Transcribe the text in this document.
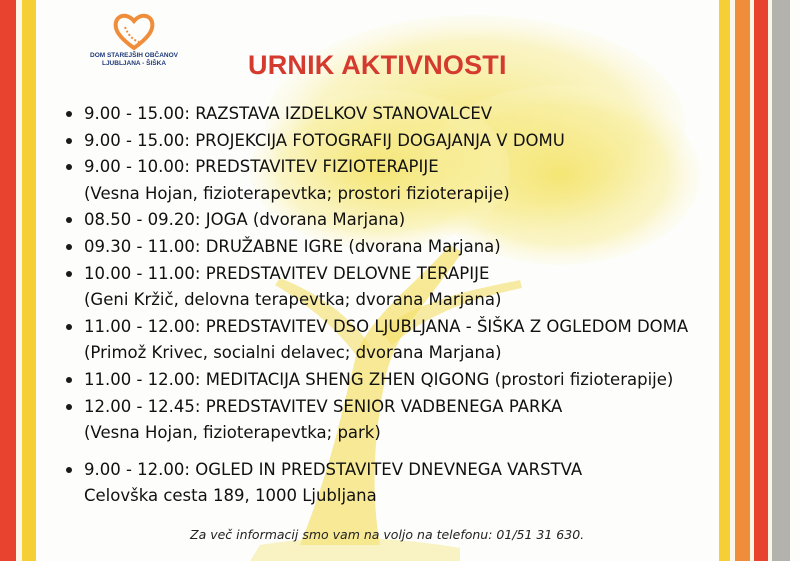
DOM STAREJŠIH OBČANOV
LJUBLJANA - ŠIŠKA	URNIK AKTIVNOSTI
9.00 - 15.00: RAZSTAVA IZDELKOV STANOVALCEV
9.00 - 15.00: PROJEKCIJA FOTOGRAFIJ DOGAJANJA V DOMU
9.00 - 10.00: PREDSTAVITEV FIZIOTERAPIJE
(Vesna Hojan, fizioterapevtka; prostori fizioterapije)
08.50 - 09.20: JOGA (dvorana Marjana)
09.30 - 11.00: DRUŽABNE IGRE (dvorana Marjana)
10.00 - 11.00: PREDSTAVITEV DELOVNE TERAPIJE
(Geni Kržič, delovna terapevtka; dvorana Marjana)
11.00 - 12.00: PREDSTAVITEV DSO LJUBLJANA - ŠIŠKA Z OGLEDOM DOMA
(Primož Krivec, socialni delavec; dvorana Marjana)
11.00 - 12.00: MEDITACIJA SHENG ZHEN QIGONG (prostori fizioterapije)
12.00 - 12.45: PREDSTAVITEV SENIOR VADBENEGA PARKA
(Vesna Hojan, fizioterapevtka; park)
9.00 - 12.00: OGLED IN PREDSTAVITEV DNEVNEGA VARSTVA
Celovška cesta 189, 1000 Ljubljana
Za več informacij smo vam na voljo na telefonu: 01/51 31 630.
